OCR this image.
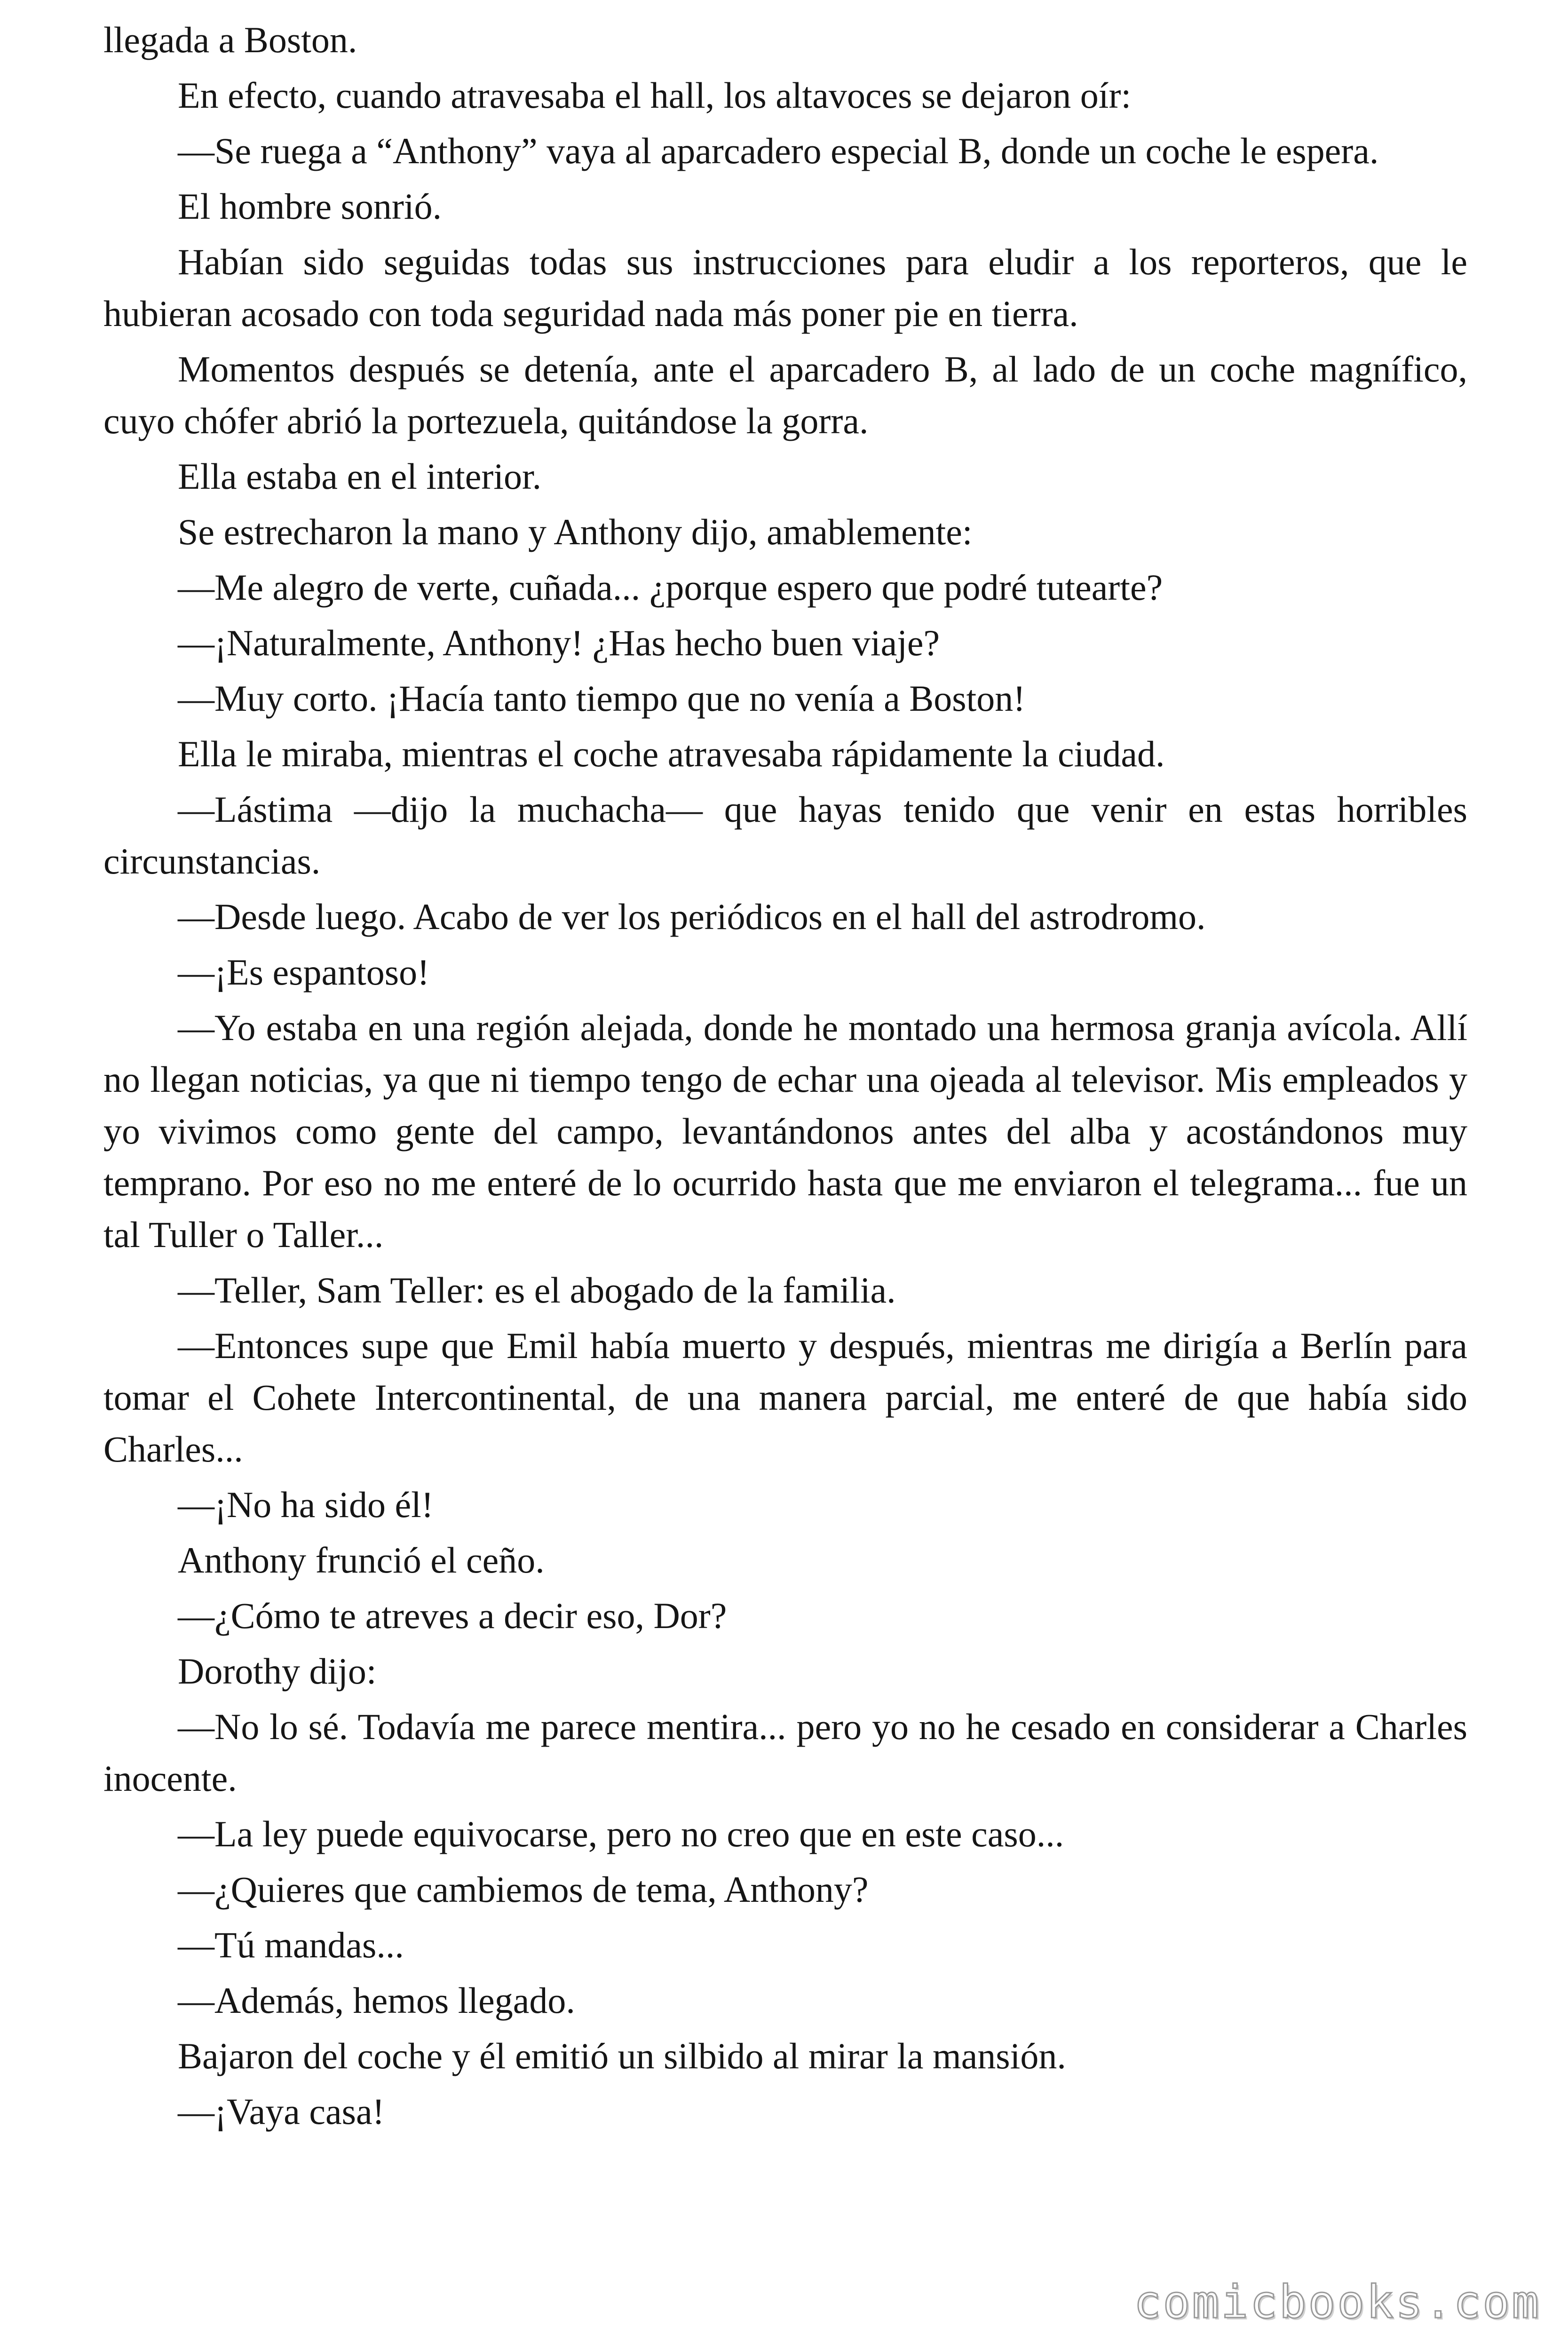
llegada a Boston.

En efecto, cuando atravesaba el hall, los altavoces se dejaron oír:

—Se ruega a “Anthony” vaya al aparcadero especial B, donde un coche le espera.

El hombre sonrió.

Habían sido seguidas todas sus instrucciones para eludir a los reporteros, que le hubieran acosado con toda seguridad nada más poner pie en tierra.

Momentos después se detenía, ante el aparcadero B, al lado de un coche magnífico, cuyo chófer abrió la portezuela, quitándose la gorra.

Ella estaba en el interior.

Se estrecharon la mano y Anthony dijo, amablemente:

—Me alegro de verte, cuñada... ¿porque espero que podré tutearte?

—¡Naturalmente, Anthony! ¿Has hecho buen viaje?

—Muy corto. ¡Hacía tanto tiempo que no venía a Boston!

Ella le miraba, mientras el coche atravesaba rápidamente la ciudad.

—Lástima —dijo la muchacha— que hayas tenido que venir en estas horribles circunstancias.

—Desde luego. Acabo de ver los periódicos en el hall del astrodromo.

—¡Es espantoso!

—Yo estaba en una región alejada, donde he montado una hermosa granja avícola. Allí no llegan noticias, ya que ni tiempo tengo de echar una ojeada al televisor. Mis empleados y yo vivimos como gente del campo, levantándonos antes del alba y acostándonos muy temprano. Por eso no me enteré de lo ocurrido hasta que me enviaron el telegrama... fue un tal Tuller o Taller...

—Teller, Sam Teller: es el abogado de la familia.

—Entonces supe que Emil había muerto y después, mientras me dirigía a Berlín para tomar el Cohete Intercontinental, de una manera parcial, me enteré de que había sido Charles...

—¡No ha sido él!

Anthony frunció el ceño.

—¿Cómo te atreves a decir eso, Dor?

Dorothy dijo:

—No lo sé. Todavía me parece mentira... pero yo no he cesado en considerar a Charles inocente.

—La ley puede equivocarse, pero no creo que en este caso...

—¿Quieres que cambiemos de tema, Anthony?

—Tú mandas...

—Además, hemos llegado.

Bajaron del coche y él emitió un silbido al mirar la mansión.

—¡Vaya casa!

comicbooks.com
